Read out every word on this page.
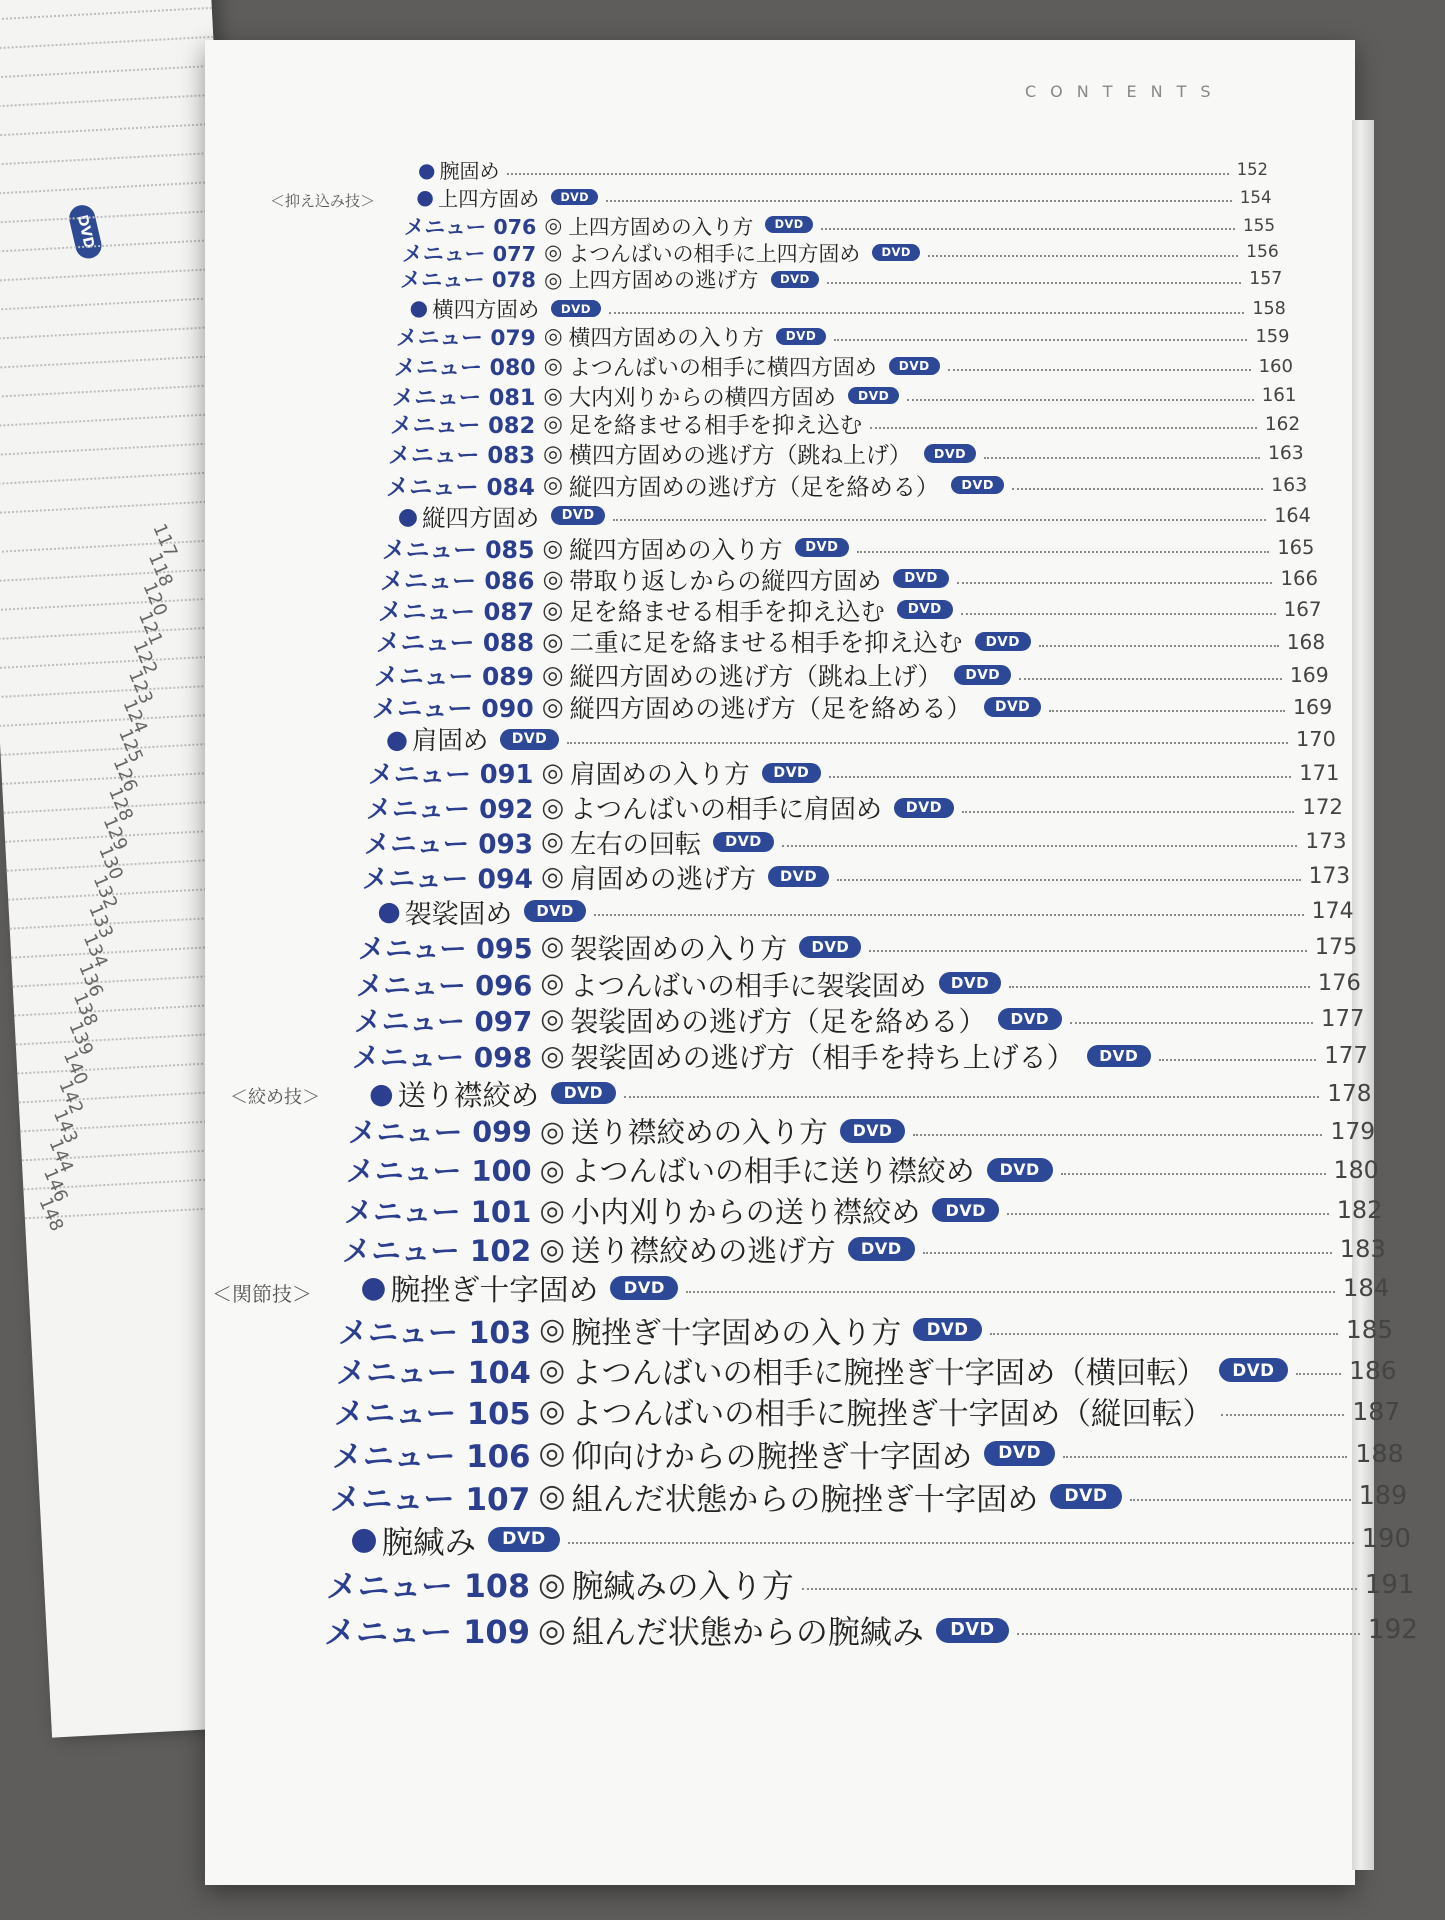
DVD
117
118
120
121
122
123
124
125
126
128
129
130
132
133
134
136
138
139
140
142
143
144
146
148
CONTENTS
● 腕固め	152
● 上四方固め	DVD	154
メニュー 076 ◎ 上四方固めの入り方	DVD	155
メニュー 077 ◎ よつんばいの相手に上四方固め	DVD	156
メニュー 078 ◎ 上四方固めの逃げ方	DVD	157
● 横四方固め	DVD	158
メニュー 079 ◎ 横四方固めの入り方	DVD	159
メニュー 080 ◎ よつんばいの相手に横四方固め	DVD	160
メニュー 081 ◎ 大内刈りからの横四方固め	DVD	161
メニュー 082 ◎ 足を絡ませる相手を抑え込む	162
メニュー 083 ◎ 横四方固めの逃げ方（跳ね上げ）	DVD	163
メニュー 084 ◎ 縦四方固めの逃げ方（足を絡める）	DVD	163
● 縦四方固め	DVD	164
メニュー 085 ◎ 縦四方固めの入り方	DVD	165
メニュー 086 ◎ 帯取り返しからの縦四方固め	DVD	166
メニュー 087 ◎ 足を絡ませる相手を抑え込む	DVD	167
メニュー 088 ◎ 二重に足を絡ませる相手を抑え込む	DVD	168
メニュー 089 ◎ 縦四方固めの逃げ方（跳ね上げ）	DVD	169
メニュー 090 ◎ 縦四方固めの逃げ方（足を絡める）	DVD	169
● 肩固め	DVD	170
メニュー 091 ◎ 肩固めの入り方	DVD	171
メニュー 092 ◎ よつんばいの相手に肩固め	DVD	172
メニュー 093 ◎ 左右の回転	DVD	173
メニュー 094 ◎ 肩固めの逃げ方	DVD	173
● 袈裟固め	DVD	174
メニュー 095 ◎ 袈裟固めの入り方	DVD	175
メニュー 096 ◎ よつんばいの相手に袈裟固め	DVD	176
メニュー 097 ◎ 袈裟固めの逃げ方（足を絡める）	DVD	177
メニュー 098 ◎ 袈裟固めの逃げ方（相手を持ち上げる）	DVD	177
● 送り襟絞め	DVD	178
メニュー 099 ◎ 送り襟絞めの入り方	DVD	179
メニュー 100 ◎ よつんばいの相手に送り襟絞め	DVD	180
メニュー 101 ◎ 小内刈りからの送り襟絞め	DVD	182
メニュー 102 ◎ 送り襟絞めの逃げ方	DVD	183
● 腕挫ぎ十字固め	DVD	184
メニュー 103 ◎ 腕挫ぎ十字固めの入り方	DVD	185
メニュー 104 ◎ よつんばいの相手に腕挫ぎ十字固め（横回転）	DVD	186
メニュー 105 ◎ よつんばいの相手に腕挫ぎ十字固め（縦回転）	187
メニュー 106 ◎ 仰向けからの腕挫ぎ十字固め	DVD	188
メニュー 107 ◎ 組んだ状態からの腕挫ぎ十字固め	DVD	189
● 腕緘み	DVD	190
メニュー 108 ◎ 腕緘みの入り方	191
メニュー 109 ◎ 組んだ状態からの腕緘み	DVD	192
＜抑え込み技＞
＜絞め技＞
＜関節技＞
